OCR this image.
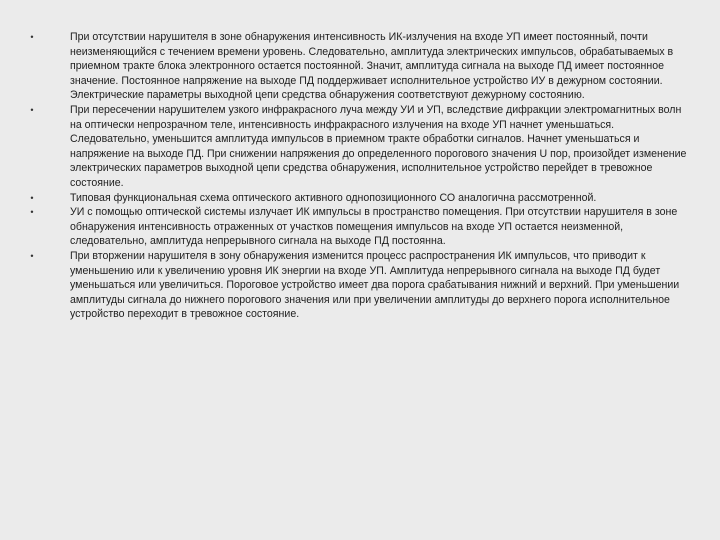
•	При отсутствии нарушителя в зоне обнаружения интенсивность ИК-излучения на входе УП имеет постоянный, почти неизменяющийся с течением времени уровень. Следовательно, амплитуда электрических импульсов, обрабатываемых в приемном тракте блока электронного остается постоянной. Значит, амплитуда сигнала на выходе ПД имеет постоянное значение. Постоянное напряжение на выходе ПД поддерживает исполнительное устройство ИУ в дежурном состоянии. Электрические параметры выходной цепи средства обнаружения соответствуют дежурному состоянию.
•	При пересечении нарушителем узкого инфракрасного луча между УИ и УП, вследствие дифракции электромагнитных волн на оптически непрозрачном теле, интенсивность инфракрасного излучения на входе УП начнет уменьшаться. Следовательно, уменьшится амплитуда импульсов в приемном тракте обработки сигналов. Начнет уменьшаться и напряжение на выходе ПД. При снижении напряжения до определенного порогового значения U пор, произойдет изменение электрических параметров выходной цепи средства обнаружения, исполнительное устройство перейдет в тревожное состояние.
•	Типовая функциональная схема оптического активного однопозиционного СО аналогична рассмотренной.
•	УИ с помощью оптической системы излучает ИК импульсы в пространство помещения. При отсутствии нарушителя в зоне обнаружения интенсивность отраженных от участков помещения импульсов на входе УП остается неизменной, следовательно, амплитуда непрерывного сигнала на выходе ПД постоянна.
•	При вторжении нарушителя в зону обнаружения изменится процесс распространения ИК импульсов, что приводит к уменьшению или к увеличению уровня ИК энергии на входе УП. Амплитуда непрерывного сигнала на выходе ПД будет уменьшаться или увеличиться. Пороговое устройство имеет два порога срабатывания нижний и верхний. При уменьшении амплитуды сигнала до нижнего порогового значения или при увеличении амплитуды до верхнего порога исполнительное устройство переходит в тревожное состояние.
